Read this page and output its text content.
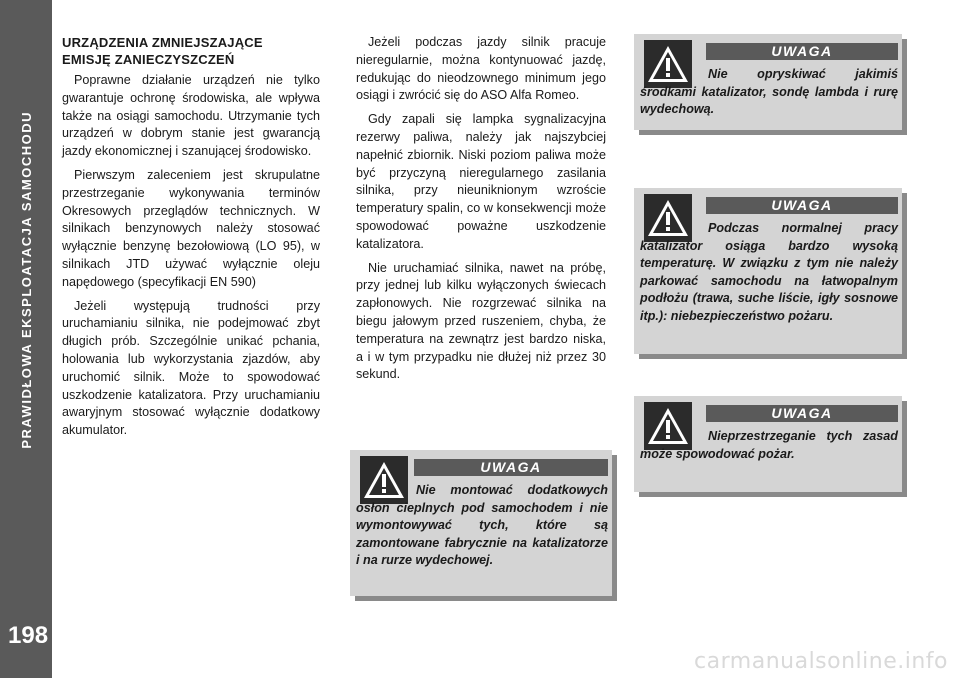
PRAWIDŁOWA EKSPLOATACJA SAMOCHODU
198
URZĄDZENIA ZMNIEJSZAJĄCE
EMISJĘ ZANIECZYSZCZEŃ

Poprawne działanie urządzeń nie tylko gwarantuje ochronę środowiska, ale wpływa także na osiągi samochodu. Utrzymanie tych urządzeń w dobrym stanie jest gwarancją jazdy ekonomicznej i szanującej środowisko.

Pierwszym zaleceniem jest skrupulatne przestrzeganie wykonywania terminów Okresowych przeglądów technicznych. W silnikach benzynowych należy stosować wyłącznie benzynę bezołowiową (LO 95), w silnikach JTD używać wyłącznie oleju napędowego (specyfikacji EN 590)

Jeżeli występują trudności przy uruchamianiu silnika, nie podejmować zbyt długich prób. Szczególnie unikać pchania, holowania lub wykorzystania zjazdów, aby uruchomić silnik. Może to spowodować uszkodzenie katalizatora. Przy uruchamianiu awaryjnym stosować wyłącznie dodatkowy akumulator.

Jeżeli podczas jazdy silnik pracuje nieregularnie, można kontynuować jazdę, redukując do nieodzownego minimum jego osiągi i zwrócić się do ASO Alfa Romeo.

Gdy zapali się lampka sygnalizacyjna rezerwy paliwa, należy jak najszybciej napełnić zbiornik. Niski poziom paliwa może być przyczyną nieregularnego zasilania silnika, przy nieuniknionym wzroście temperatury spalin, co w konsekwencji może spowodować poważne uszkodzenie katalizatora.

Nie uruchamiać silnika, nawet na próbę, przy jednej lub kilku wyłączonych świecach zapłonowych. Nie rozgrzewać silnika na biegu jałowym przed ruszeniem, chyba, że temperatura na zewnątrz jest bardzo niska, a i w tym przypadku nie dłużej niż przez 30 sekund.

UWAGA
Nie opryskiwać jakimiś środkami katalizator, sondę lambda i rurę wydechową.
UWAGA
Podczas normalnej pracy katalizator osiąga bardzo wysoką temperaturę. W związku z tym nie należy parkować samochodu na łatwopalnym podłożu (trawa, suche liście, igły sosnowe itp.): niebezpieczeństwo pożaru.
UWAGA
Nieprzestrzeganie tych zasad może spowodować pożar.
UWAGA
Nie montować dodatkowych osłon cieplnych pod samochodem i nie wymontowywać tych, które są zamontowane fabrycznie na katalizatorze i na rurze wydechowej.
carmanualsonline.info
